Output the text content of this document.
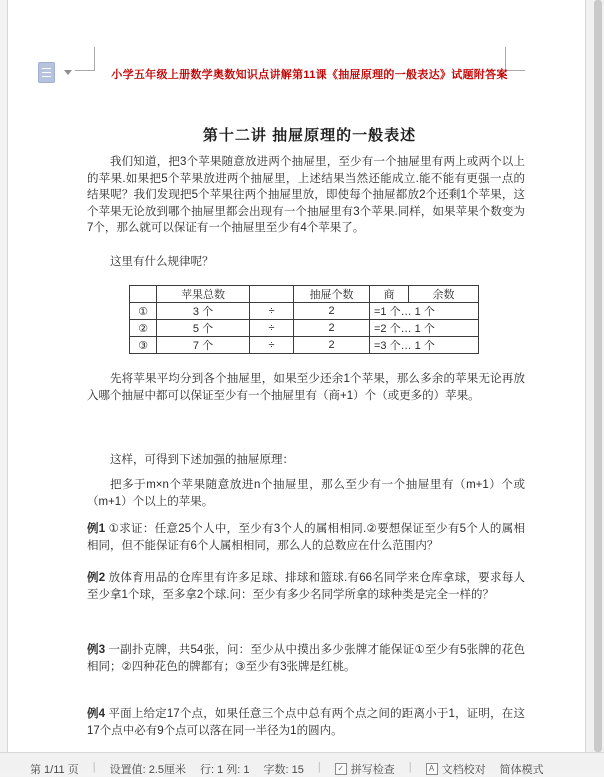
小学五年级上册数学奥数知识点讲解第11课《抽屉原理的一般表达》试题附答案
第十二讲 抽屉原理的一般表述

我们知道，把3个苹果随意放进两个抽屉里，至少有一个抽屉里有两上或两个以上的苹果.如果把5个苹果放进两个抽屉里，上述结果当然还能成立.能不能有更强一点的结果呢？我们发现把5个苹果往两个抽屉里放，即使每个抽屉都放2个还剩1个苹果，这个苹果无论放到哪个抽屉里都会出现有一个抽屉里有3个苹果.同样，如果苹果个数变为7个，那么就可以保证有一个抽屉里至少有4个苹果了。

这里有什么规律呢？

	苹果总数		抽屉个数	商	余数
①	3 个	÷	2	=1 个… 1 个	
②	5 个	÷	2	=2 个… 1 个	
③	7 个	÷	2	=3 个… 1 个	

先将苹果平均分到各个抽屉里，如果至少还余1个苹果，那么多余的苹果无论再放入哪个抽屉中都可以保证至少有一个抽屉里有（商+1）个（或更多的）苹果。

这样，可得到下述加强的抽屉原理：

把多于m×n个苹果随意放进n个抽屉里，那么至少有一个抽屉里有（m+1）个或（m+1）个以上的苹果。

例1 ①求证：任意25个人中，至少有3个人的属相相同.②要想保证至少有5个人的属相相同，但不能保证有6个人属相相同，那么人的总数应在什么范围内？

例2 放体育用品的仓库里有许多足球、排球和篮球.有66名同学来仓库拿球，要求每人至少拿1个球，至多拿2个球.问：至少有多少名同学所拿的球种类是完全一样的？

例3 一副扑克牌，共54张，问：至少从中摸出多少张牌才能保证①至少有5张牌的花色相同；②四种花色的牌都有；③至少有3张牌是红桃。

例4 平面上给定17个点，如果任意三个点中总有两个点之间的距离小于1，证明，在这17个点中必有9个点可以落在同一半径为1的圆内。

第 1/11 页 | 设置值: 2.5厘米 行: 1 列: 1 字数: 15 |	✓ 拼写检查 |	A 文档校对 简体模式
